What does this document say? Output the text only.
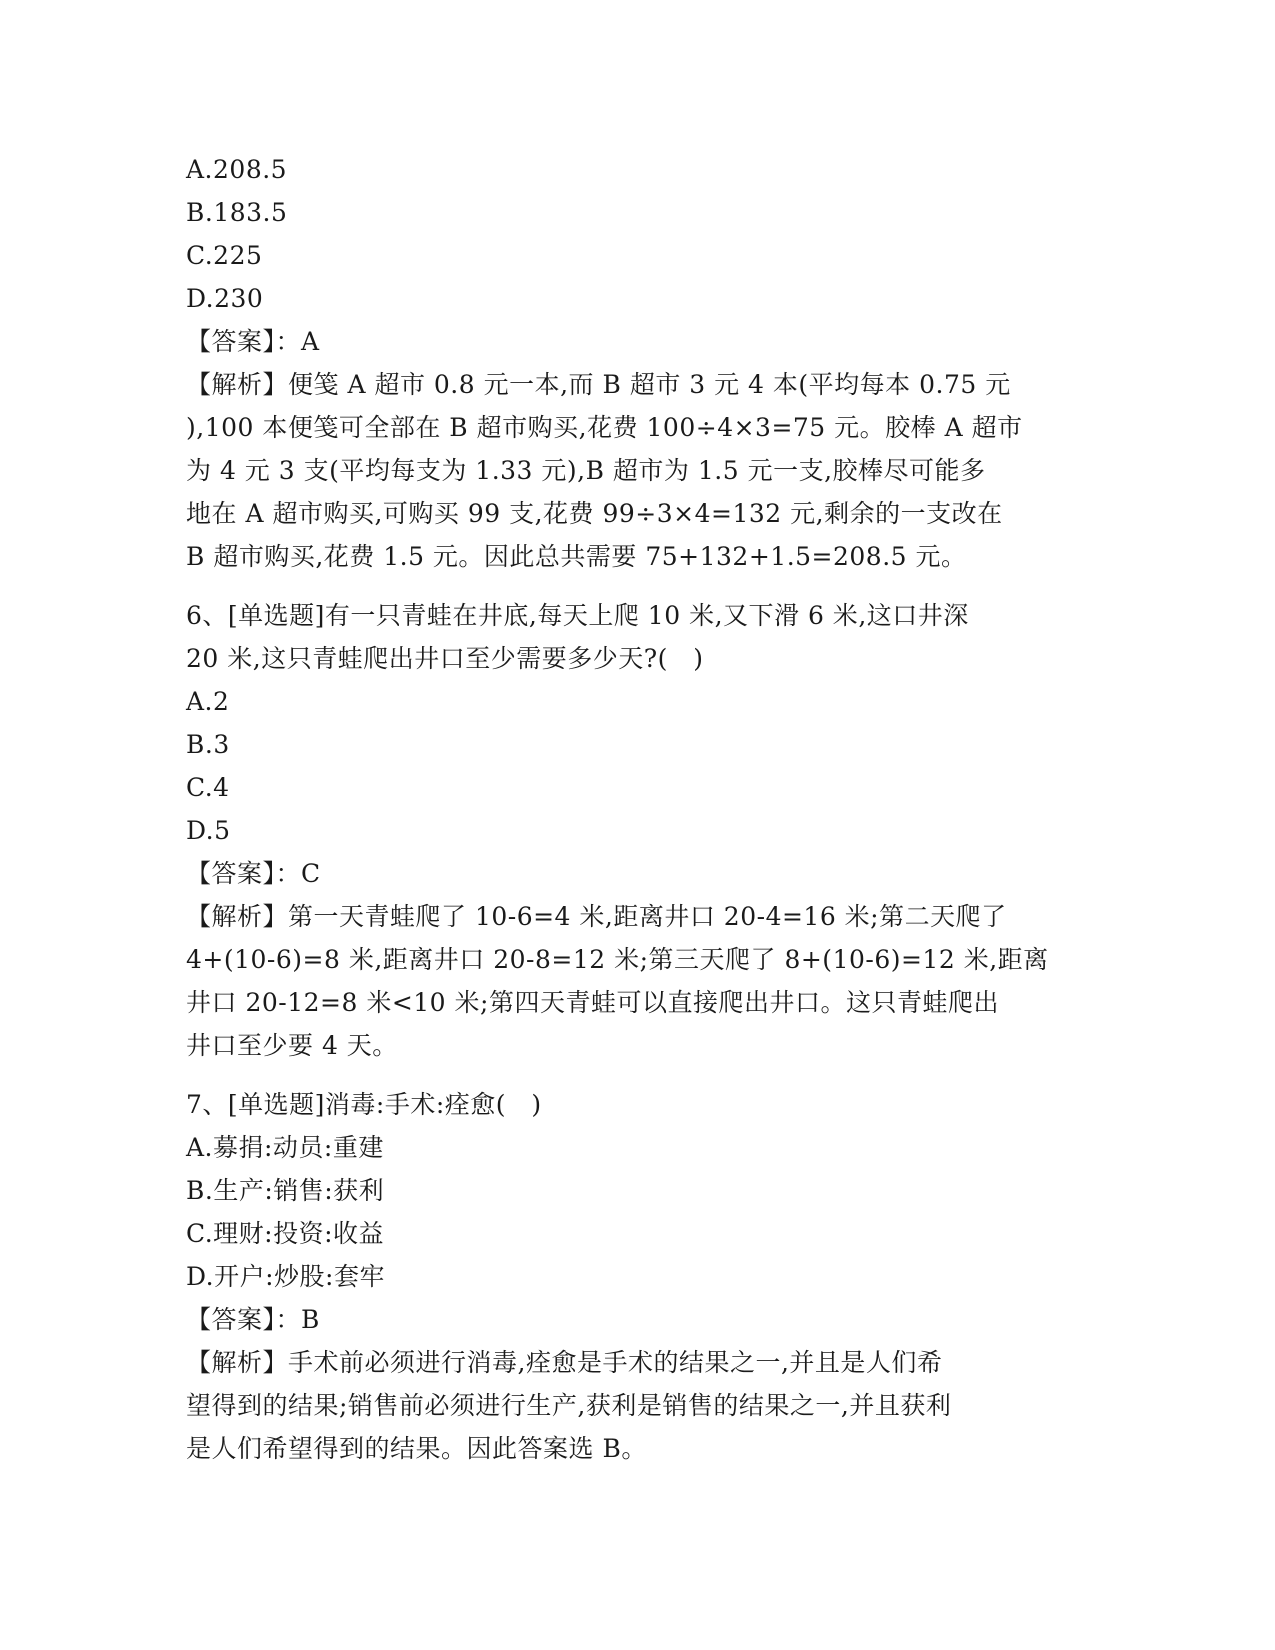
A.208.5
B.183.5
C.225
D.230
【答案】：A
【解析】便笺 A 超市 0.8 元一本,而 B 超市 3 元 4 本(平均每本 0.75 元
),100 本便笺可全部在 B 超市购买,花费 100÷4×3=75 元。胶棒 A 超市
为 4 元 3 支(平均每支为 1.33 元),B 超市为 1.5 元一支,胶棒尽可能多
地在 A 超市购买,可购买 99 支,花费 99÷3×4=132 元,剩余的一支改在
B 超市购买,花费 1.5 元。因此总共需要 75+132+1.5=208.5 元。
6、[单选题]有一只青蛙在井底,每天上爬 10 米,又下滑 6 米,这口井深
20 米,这只青蛙爬出井口至少需要多少天?(   )
A.2
B.3
C.4
D.5
【答案】：C
【解析】第一天青蛙爬了 10-6=4 米,距离井口 20-4=16 米;第二天爬了
4+(10-6)=8 米,距离井口 20-8=12 米;第三天爬了 8+(10-6)=12 米,距离
井口 20-12=8 米<10 米;第四天青蛙可以直接爬出井口。这只青蛙爬出
井口至少要 4 天。
7、[单选题]消毒:手术:痊愈(   )
A.募捐:动员:重建
B.生产:销售:获利
C.理财:投资:收益
D.开户:炒股:套牢
【答案】：B
【解析】手术前必须进行消毒,痊愈是手术的结果之一,并且是人们希
望得到的结果;销售前必须进行生产,获利是销售的结果之一,并且获利
是人们希望得到的结果。因此答案选 B。
